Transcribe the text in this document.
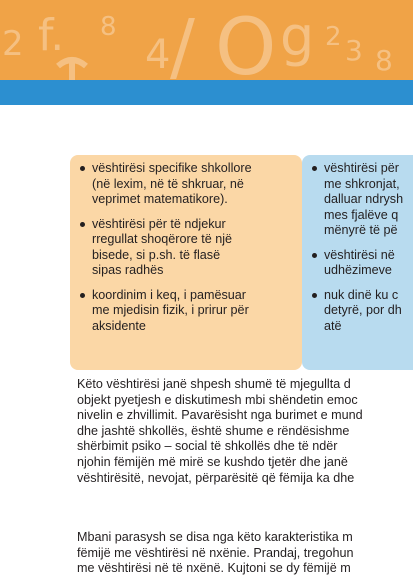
2 f. 8
4 / O g 2 3 8
vështirësi specifike shkollore
(në lexim, në të shkruar, në
veprimet matematikore).
vështirësi për të ndjekur
rregullat shoqërore të një
bisede, si p.sh. të flasë
sipas radhës
koordinim i keq, i pamësuar
me mjedisin fizik, i prirur për
aksidente
vështirësi për
me shkronjat,
dalluar ndrysh
mes fjalëve q
mënyrë të pë
vështirësi në
udhëzimeve
nuk dinë ku c
detyrë, por dh
atë

Këto vështirësi janë shpesh shumë të mjegullta d
objekt pyetjesh e diskutimesh mbi shëndetin emoc
nivelin e zhvillimit. Pavarësisht nga burimet e mund
dhe jashtë shkollës, është shume e rëndësishme
shërbimit psiko – social të shkollës dhe të ndër
njohin fëmijën më mirë se kushdo tjetër dhe janë
vështirësitë, nevojat, përparësitë që fëmija ka dhe

Mbani parasysh se disa nga këto karakteristika m
fëmijë me vështirësi në nxënie. Prandaj, tregohun
me vështirësi në të nxënë. Kujtoni se dy fëmijë m
